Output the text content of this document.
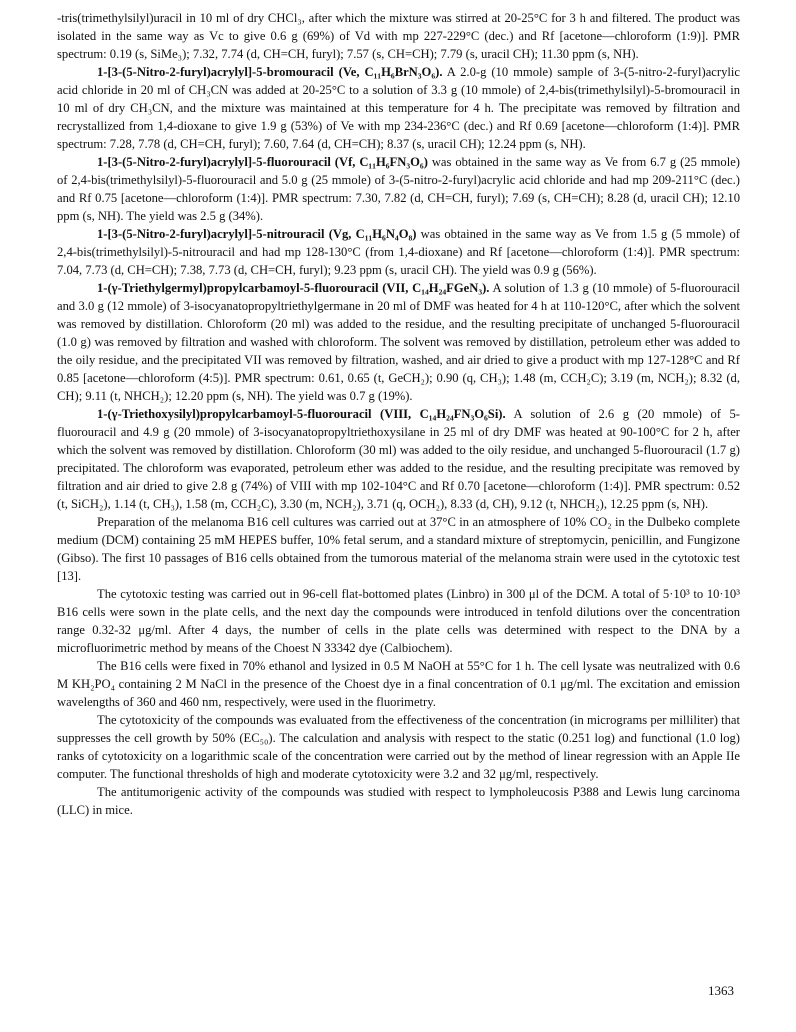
-tris(trimethylsilyl)uracil in 10 ml of dry CHCl₃, after which the mixture was stirred at 20-25°C for 3 h and filtered. The product was isolated in the same way as Vc to give 0.6 g (69%) of Vd with mp 227-229°C (dec.) and Rf [acetone—chloroform (1:9)]. PMR spectrum: 0.19 (s, SiMe₃); 7.32, 7.74 (d, CH=CH, furyl); 7.57 (s, CH=CH); 7.79 (s, uracil CH); 11.30 ppm (s, NH).

1-[3-(5-Nitro-2-furyl)acrylyl]-5-bromouracil (Ve, C₁₁H₆BrN₃O₆). A 2.0-g (10 mmole) sample of 3-(5-nitro-2-furyl)acrylic acid chloride in 20 ml of CH₃CN was added at 20-25°C to a solution of 3.3 g (10 mmole) of 2,4-bis(trimethylsilyl)-5-bromouracil in 10 ml of dry CH₃CN, and the mixture was maintained at this temperature for 4 h. The precipitate was removed by filtration and recrystallized from 1,4-dioxane to give 1.9 g (53%) of Ve with mp 234-236°C (dec.) and Rf 0.69 [acetone—chloroform (1:4)]. PMR spectrum: 7.28, 7.78 (d, CH=CH, furyl); 7.60, 7.64 (d, CH=CH); 8.37 (s, uracil CH); 12.24 ppm (s, NH).

1-[3-(5-Nitro-2-furyl)acrylyl]-5-fluorouracil (Vf, C₁₁H₆FN₃O₆) was obtained in the same way as Ve from 6.7 g (25 mmole) of 2,4-bis(trimethylsilyl)-5-fluorouracil and 5.0 g (25 mmole) of 3-(5-nitro-2-furyl)acrylic acid chloride and had mp 209-211°C (dec.) and Rf 0.75 [acetone—chloroform (1:4)]. PMR spectrum: 7.30, 7.82 (d, CH=CH, furyl); 7.69 (s, CH=CH); 8.28 (d, uracil CH); 12.10 ppm (s, NH). The yield was 2.5 g (34%).

1-[3-(5-Nitro-2-furyl)acrylyl]-5-nitrouracil (Vg, C₁₁H₆N₄O₈) was obtained in the same way as Ve from 1.5 g (5 mmole) of 2,4-bis(trimethylsilyl)-5-nitrouracil and had mp 128-130°C (from 1,4-dioxane) and Rf [acetone—chloroform (1:4)]. PMR spectrum: 7.04, 7.73 (d, CH=CH); 7.38, 7.73 (d, CH=CH, furyl); 9.23 ppm (s, uracil CH). The yield was 0.9 g (56%).

1-(γ-Triethylgermyl)propylcarbamoyl-5-fluorouracil (VII, C₁₄H₂₄FGeN₃). A solution of 1.3 g (10 mmole) of 5-fluorouracil and 3.0 g (12 mmole) of 3-isocyanatopropyltriethylgermane in 20 ml of DMF was heated for 4 h at 110-120°C, after which the solvent was removed by distillation. Chloroform (20 ml) was added to the residue, and the resulting precipitate of unchanged 5-fluorouracil (1.0 g) was removed by filtration and washed with chloroform. The solvent was removed by distillation, petroleum ether was added to the oily residue, and the precipitated VII was removed by filtration, washed, and air dried to give a product with mp 127-128°C and Rf 0.85 [acetone—chloroform (4:5)]. PMR spectrum: 0.61, 0.65 (t, GeCH₂); 0.90 (q, CH₃); 1.48 (m, CCH₂C); 3.19 (m, NCH₂); 8.32 (d, CH); 9.11 (t, NHCH₂); 12.20 ppm (s, NH). The yield was 0.7 g (19%).

1-(γ-Triethoxysilyl)propylcarbamoyl-5-fluorouracil (VIII, C₁₄H₂₄FN₃O₆Si). A solution of 2.6 g (20 mmole) of 5-fluorouracil and 4.9 g (20 mmole) of 3-isocyanatopropyltriethoxysilane in 25 ml of dry DMF was heated at 90-100°C for 2 h, after which the solvent was removed by distillation. Chloroform (30 ml) was added to the oily residue, and unchanged 5-fluorouracil (1.7 g) precipitated. The chloroform was evaporated, petroleum ether was added to the residue, and the resulting precipitate was removed by filtration and air dried to give 2.8 g (74%) of VIII with mp 102-104°C and Rf 0.70 [acetone—chloroform (1:4)]. PMR spectrum: 0.52 (t, SiCH₂), 1.14 (t, CH₃), 1.58 (m, CCH₂C), 3.30 (m, NCH₂), 3.71 (q, OCH₂), 8.33 (d, CH), 9.12 (t, NHCH₂), 12.25 ppm (s, NH).

Preparation of the melanoma B16 cell cultures was carried out at 37°C in an atmosphere of 10% CO₂ in the Dulbeko complete medium (DCM) containing 25 mM HEPES buffer, 10% fetal serum, and a standard mixture of streptomycin, penicillin, and Fungizone (Gibso). The first 10 passages of B16 cells obtained from the tumorous material of the melanoma strain were used in the cytotoxic test [13].

The cytotoxic testing was carried out in 96-cell flat-bottomed plates (Linbro) in 300 μl of the DCM. A total of 5·10³ to 10·10³ B16 cells were sown in the plate cells, and the next day the compounds were introduced in tenfold dilutions over the concentration range 0.32-32 μg/ml. After 4 days, the number of cells in the plate cells was determined with respect to the DNA by a microfluorimetric method by means of the Choest N 33342 dye (Calbiochem).

The B16 cells were fixed in 70% ethanol and lysized in 0.5 M NaOH at 55°C for 1 h. The cell lysate was neutralized with 0.6 M KH₂PO₄ containing 2 M NaCl in the presence of the Choest dye in a final concentration of 0.1 μg/ml. The excitation and emission wavelengths of 360 and 460 nm, respectively, were used in the fluorimetry.

The cytotoxicity of the compounds was evaluated from the effectiveness of the concentration (in micrograms per milliliter) that suppresses the cell growth by 50% (EC₅₀). The calculation and analysis with respect to the static (0.251 log) and functional (1.0 log) ranks of cytotoxicity on a logarithmic scale of the concentration were carried out by the method of linear regression with an Apple IIe computer. The functional thresholds of high and moderate cytotoxicity were 3.2 and 32 μg/ml, respectively.

The antitumorigenic activity of the compounds was studied with respect to lympholeucosis P388 and Lewis lung carcinoma (LLC) in mice.

1363
